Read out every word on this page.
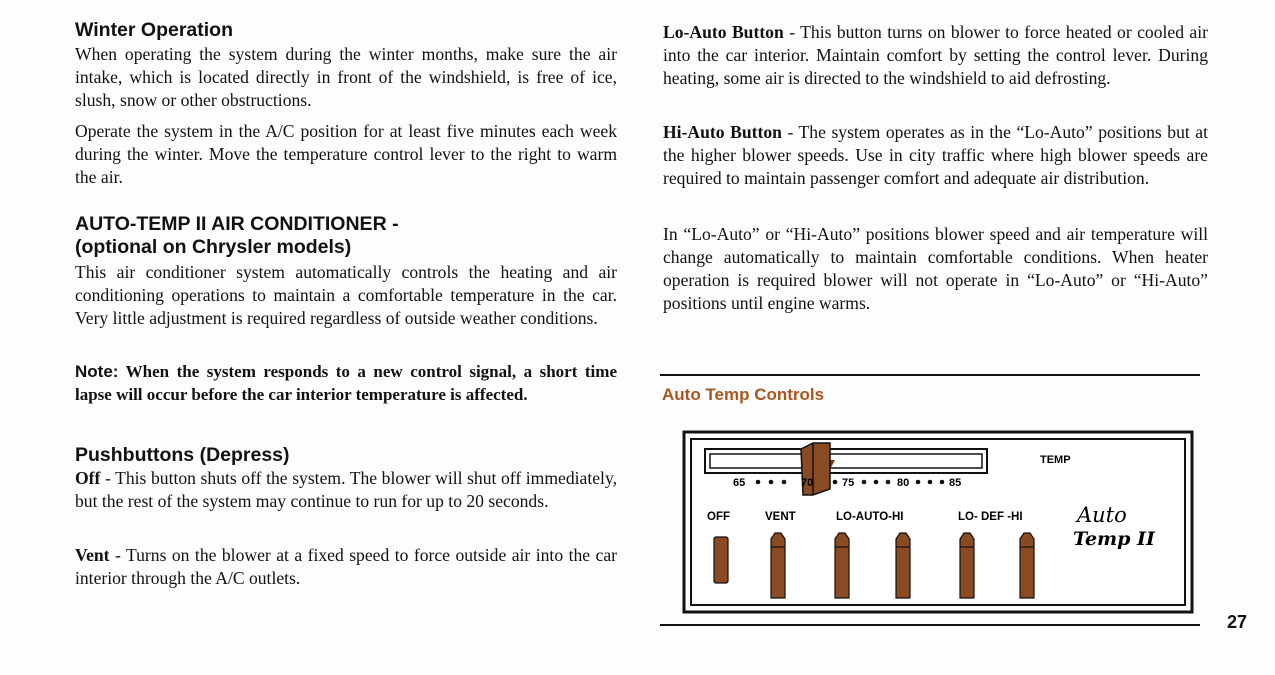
Winter Operation

When operating the system during the winter months, make sure the air intake, which is located directly in front of the windshield, is free of ice, slush, snow or other obstructions.

Operate the system in the A/C position for at least five minutes each week during the winter. Move the temperature control lever to the right to warm the air.

AUTO-TEMP II AIR CONDITIONER -
(optional on Chrysler models)

This air conditioner system automatically controls the heating and air conditioning operations to maintain a comfortable temperature in the car. Very little adjustment is required regardless of outside weather conditions.

Note: When the system responds to a new control signal, a short time lapse will occur before the car interior temperature is affected.

Pushbuttons (Depress)

Off - This button shuts off the system. The blower will shut off immediately, but the rest of the system may continue to run for up to 20 seconds.

Vent - Turns on the blower at a fixed speed to force outside air into the car interior through the A/C outlets.

Lo-Auto Button - This button turns on blower to force heated or cooled air into the car interior. Maintain comfort by setting the control lever. During heating, some air is directed to the windshield to aid defrosting.

Hi-Auto Button - The system operates as in the “Lo-Auto” positions but at the higher blower speeds. Use in city traffic where high blower speeds are required to maintain passenger comfort and adequate air distribution.

In “Lo-Auto” or “Hi-Auto” positions blower speed and air temperature will change automatically to maintain comfortable conditions. When heater operation is required blower will not operate in “Lo-Auto” or “Hi-Auto” positions until engine warms.

Auto Temp Controls
TEMP
65	70	75	80	85
OFF	VENT	LO-AUTO-HI	LO- DEF -HI	Auto
Temp II
27
